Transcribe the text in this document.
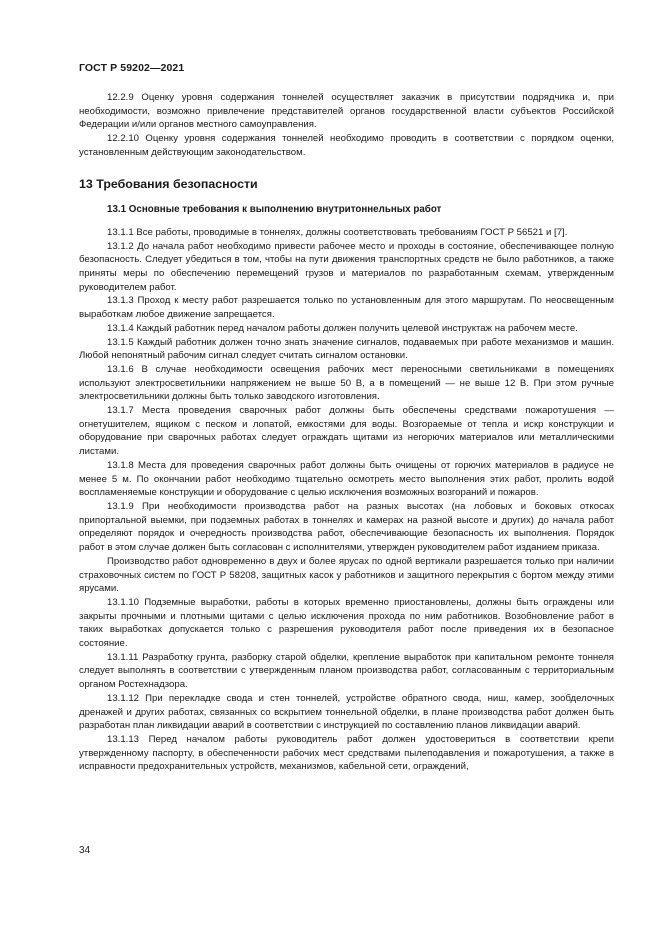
ГОСТ Р 59202—2021

12.2.9 Оценку уровня содержания тоннелей осуществляет заказчик в присутствии подрядчика и, при необходимости, возможно привлечение представителей органов государственной власти субъектов Российской Федерации и/или органов местного самоуправления.

12.2.10 Оценку уровня содержания тоннелей необходимо проводить в соответствии с порядком оценки, установленным действующим законодательством.

13 Требования безопасности
13.1 Основные требования к выполнению внутритоннельных работ

13.1.1 Все работы, проводимые в тоннелях, должны соответствовать требованиям ГОСТ Р 56521 и [7].

13.1.2 До начала работ необходимо привести рабочее место и проходы в состояние, обеспечивающее полную безопасность. Следует убедиться в том, чтобы на пути движения транспортных средств не было работников, а также приняты меры по обеспечению перемещений грузов и материалов по разработанным схемам, утвержденным руководителем работ.

13.1.3 Проход к месту работ разрешается только по установленным для этого маршрутам. По неосвещенным выработкам любое движение запрещается.

13.1.4 Каждый работник перед началом работы должен получить целевой инструктаж на рабочем месте.

13.1.5 Каждый работник должен точно знать значение сигналов, подаваемых при работе механизмов и машин. Любой непонятный рабочим сигнал следует считать сигналом остановки.

13.1.6 В случае необходимости освещения рабочих мест переносными светильниками в помещениях используют электросветильники напряжением не выше 50 В, а в помещений — не выше 12 В. При этом ручные электросветильники должны быть только заводского изготовления.

13.1.7 Места проведения сварочных работ должны быть обеспечены средствами пожаротушения — огнетушителем, ящиком с песком и лопатой, емкостями для воды. Возгораемые от тепла и искр конструкции и оборудование при сварочных работах следует ограждать щитами из негорючих материалов или металлическими листами.

13.1.8 Места для проведения сварочных работ должны быть очищены от горючих материалов в радиусе не менее 5 м. По окончании работ необходимо тщательно осмотреть место выполнения этих работ, пролить водой воспламеняемые конструкции и оборудование с целью исключения возможных возгораний и пожаров.

13.1.9 При необходимости производства работ на разных высотах (на лобовых и боковых откосах припортальной выемки, при подземных работах в тоннелях и камерах на разной высоте и других) до начала работ определяют порядок и очередность производства работ, обеспечивающие безопасность их выполнения. Порядок работ в этом случае должен быть согласован с исполнителями, утвержден руководителем работ изданием приказа.

Производство работ одновременно в двух и более ярусах по одной вертикали разрешается только при наличии страховочных систем по ГОСТ Р 58208, защитных касок у работников и защитного перекрытия с бортом между этими ярусами.

13.1.10 Подземные выработки, работы в которых временно приостановлены, должны быть ограждены или закрыты прочными и плотными щитами с целью исключения прохода по ним работников. Возобновление работ в таких выработках допускается только с разрешения руководителя работ после приведения их в безопасное состояние.

13.1.11 Разработку грунта, разборку старой обделки, крепление выработок при капитальном ремонте тоннеля следует выполнять в соответствии с утвержденным планом производства работ, согласованным с территориальным органом Ростехнадзора.

13.1.12 При перекладке свода и стен тоннелей, устройстве обратного свода, ниш, камер, зообделочных дренажей и других работах, связанных со вскрытием тоннельной обделки, в плане производства работ должен быть разработан план ликвидации аварий в соответствии с инструкцией по составлению планов ликвидации аварий.

13.1.13 Перед началом работы руководитель работ должен удостовериться в соответствии крепи утвержденному паспорту, в обеспеченности рабочих мест средствами пылеподавления и пожаротушения, а также в исправности предохранительных устройств, механизмов, кабельной сети, ограждений,

34
